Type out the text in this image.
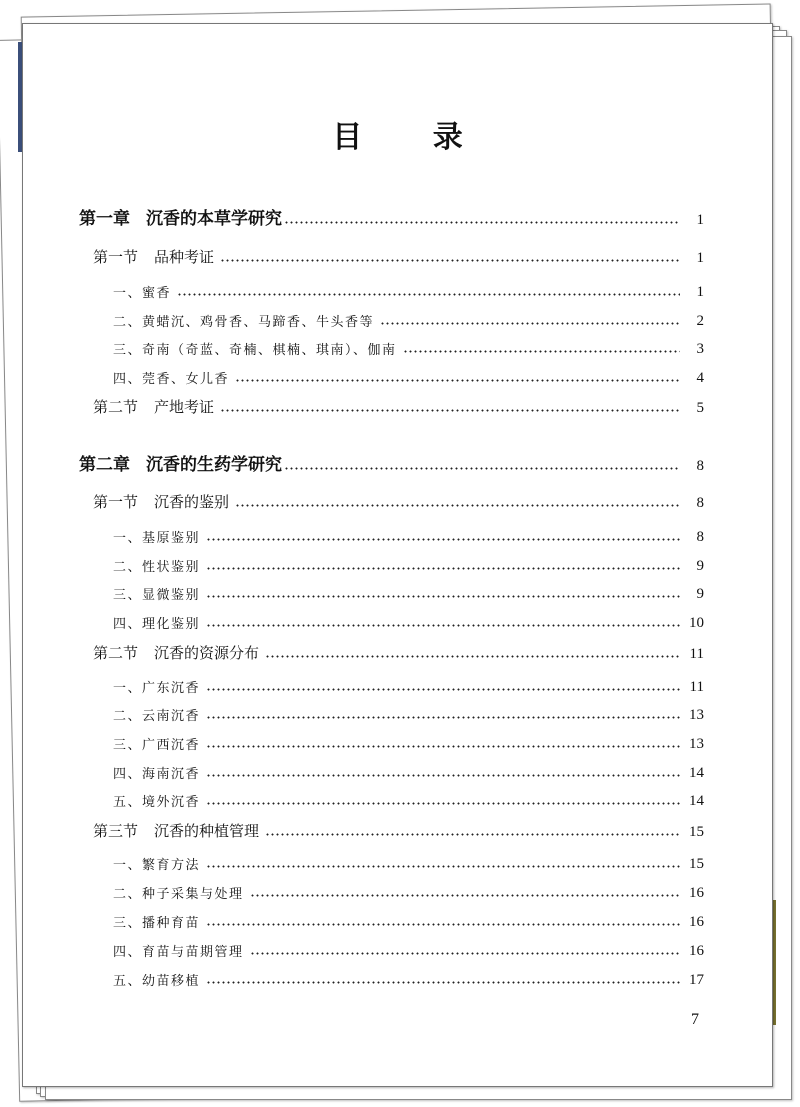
目 录
第一章 沉香的本草学研究	1
第一节 品种考证	1
一、蜜香	1
二、黄蜡沉、鸡骨香、马蹄香、牛头香等	2
三、奇南（奇蓝、奇楠、棋楠、琪南）、伽南	3
四、莞香、女儿香	4
第二节 产地考证	5
第二章 沉香的生药学研究	8
第一节 沉香的鉴别	8
一、基原鉴别	8
二、性状鉴别	9
三、显微鉴别	9
四、理化鉴别	10
第二节 沉香的资源分布	11
一、广东沉香	11
二、云南沉香	13
三、广西沉香	13
四、海南沉香	14
五、境外沉香	14
第三节 沉香的种植管理	15
一、繁育方法	15
二、种子采集与处理	16
三、播种育苗	16
四、育苗与苗期管理	16
五、幼苗移植	17
7
